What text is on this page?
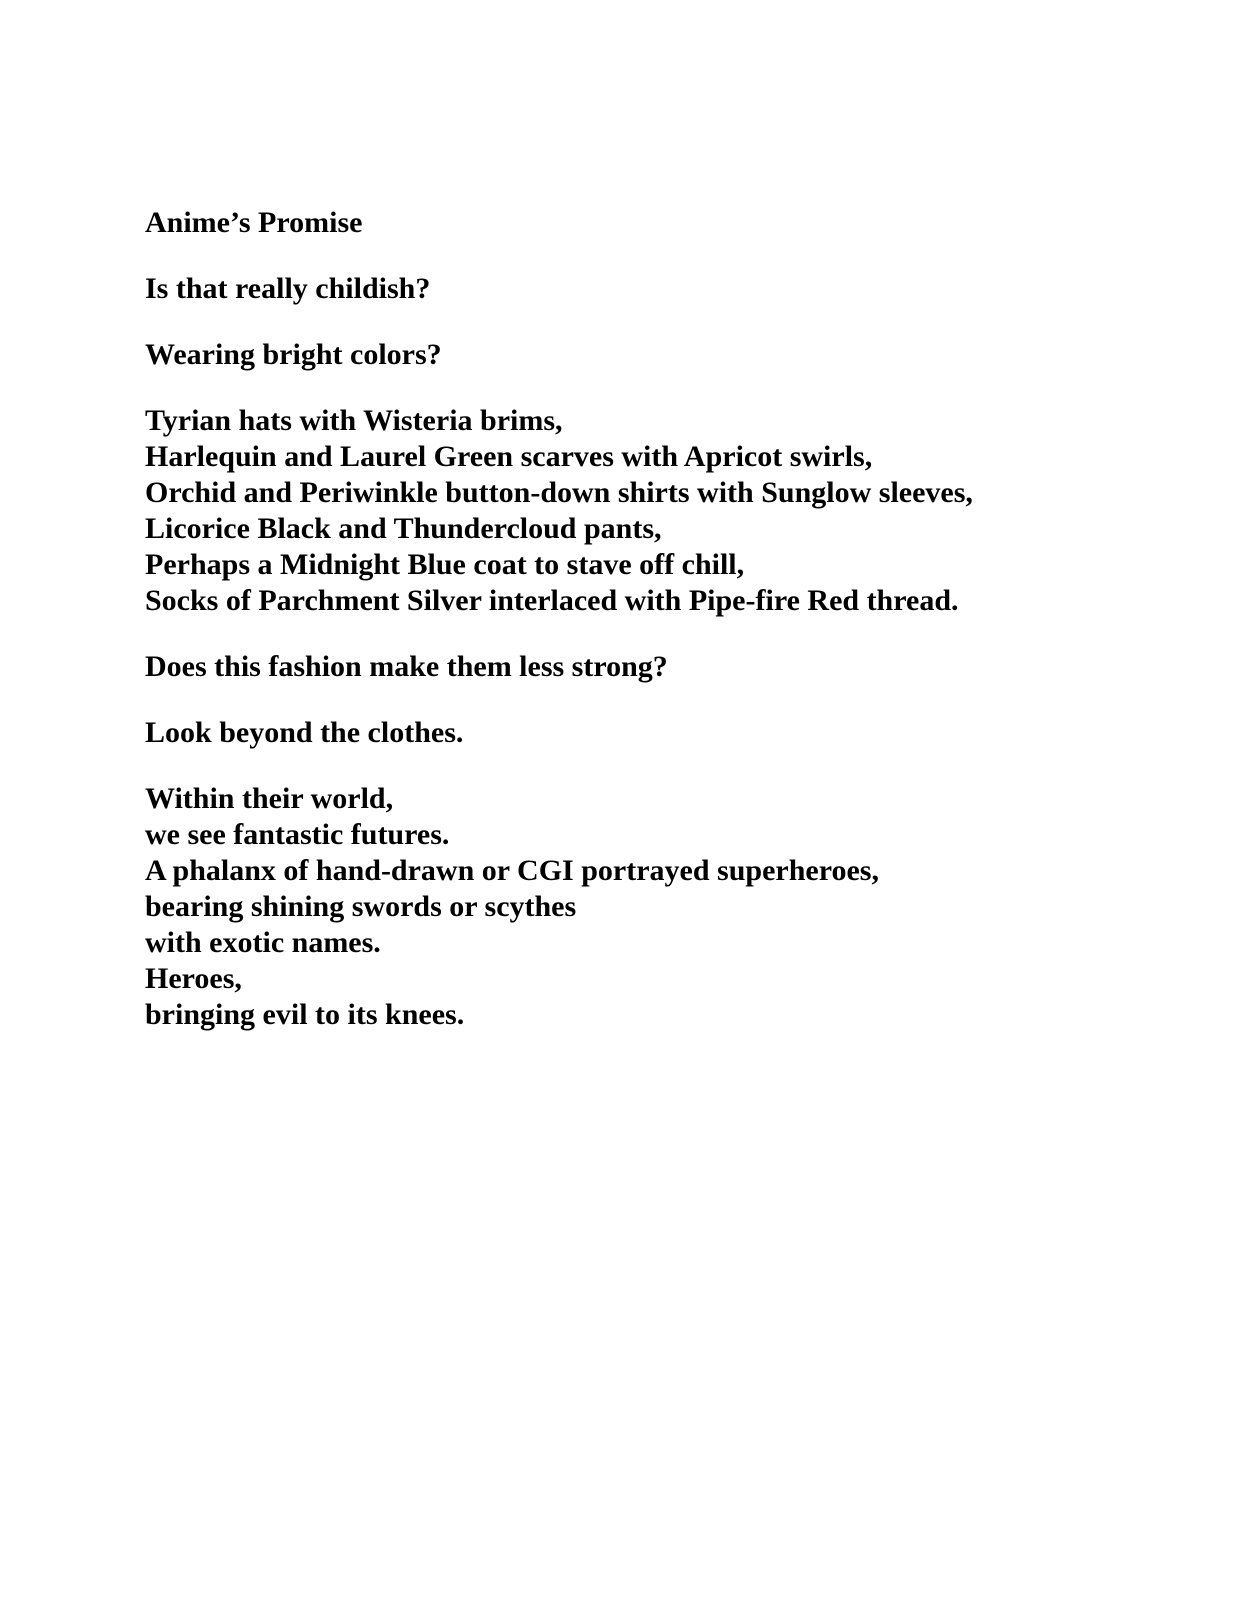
Anime’s Promise
Is that really childish?
Wearing bright colors?
Tyrian hats with Wisteria brims,
Harlequin and Laurel Green scarves with Apricot swirls,
Orchid and Periwinkle button-down shirts with Sunglow sleeves,
Licorice Black and Thundercloud pants,
Perhaps a Midnight Blue coat to stave off chill,
Socks of Parchment Silver interlaced with Pipe-fire Red thread.
Does this fashion make them less strong?
Look beyond the clothes.
Within their world,
we see fantastic futures.
A phalanx of hand-drawn or CGI portrayed superheroes,
bearing shining swords or scythes
with exotic names.
Heroes,
bringing evil to its knees.
